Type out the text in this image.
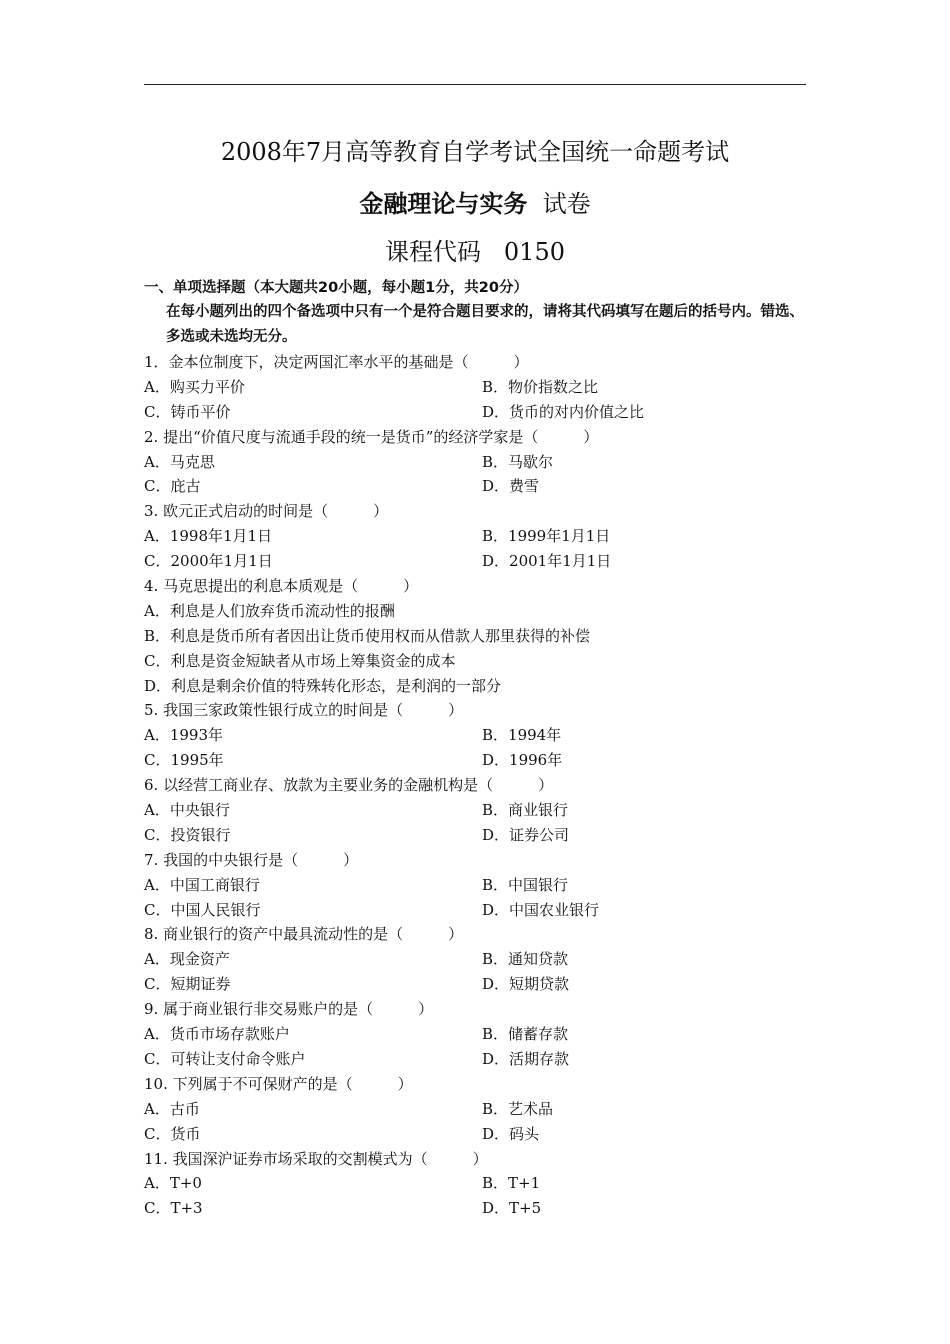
2008年7月高等教育自学考试全国统一命题考试
金融理论与实务 试卷
课程代码 0150
一、单项选择题（本大题共20小题，每小题1分，共20分）
在每小题列出的四个备选项中只有一个是符合题目要求的，请将其代码填写在题后的括号内。错选、多选或未选均无分。
1．金本位制度下，决定两国汇率水平的基础是（　　　）
A．购买力平价	B．物价指数之比
C．铸币平价	D．货币的对内价值之比
2. 提出“价值尺度与流通手段的统一是货币”的经济学家是（　　　）
A．马克思	B．马歇尔
C．庇古	D．费雪
3. 欧元正式启动的时间是（　　　）
A．1998年1月1日	B．1999年1月1日
C．2000年1月1日	D．2001年1月1日
4. 马克思提出的利息本质观是（　　　）
A．利息是人们放弃货币流动性的报酬
B．利息是货币所有者因出让货币使用权而从借款人那里获得的补偿
C．利息是资金短缺者从市场上筹集资金的成本
D．利息是剩余价值的特殊转化形态，是利润的一部分
5. 我国三家政策性银行成立的时间是（　　　）
A．1993年	B．1994年
C．1995年	D．1996年
6. 以经营工商业存、放款为主要业务的金融机构是（　　　）
A．中央银行	B．商业银行
C．投资银行	D．证券公司
7. 我国的中央银行是（　　　）
A．中国工商银行	B．中国银行
C．中国人民银行	D．中国农业银行
8. 商业银行的资产中最具流动性的是（　　　）
A．现金资产	B．通知贷款
C．短期证券	D．短期贷款
9. 属于商业银行非交易账户的是（　　　）
A．货币市场存款账户	B．储蓄存款
C．可转让支付命令账户	D．活期存款
10. 下列属于不可保财产的是（　　　）
A．古币	B．艺术品
C．货币	D．码头
11. 我国深沪证券市场采取的交割模式为（　　　）
A．T+0	B．T+1
C．T+3	D．T+5
